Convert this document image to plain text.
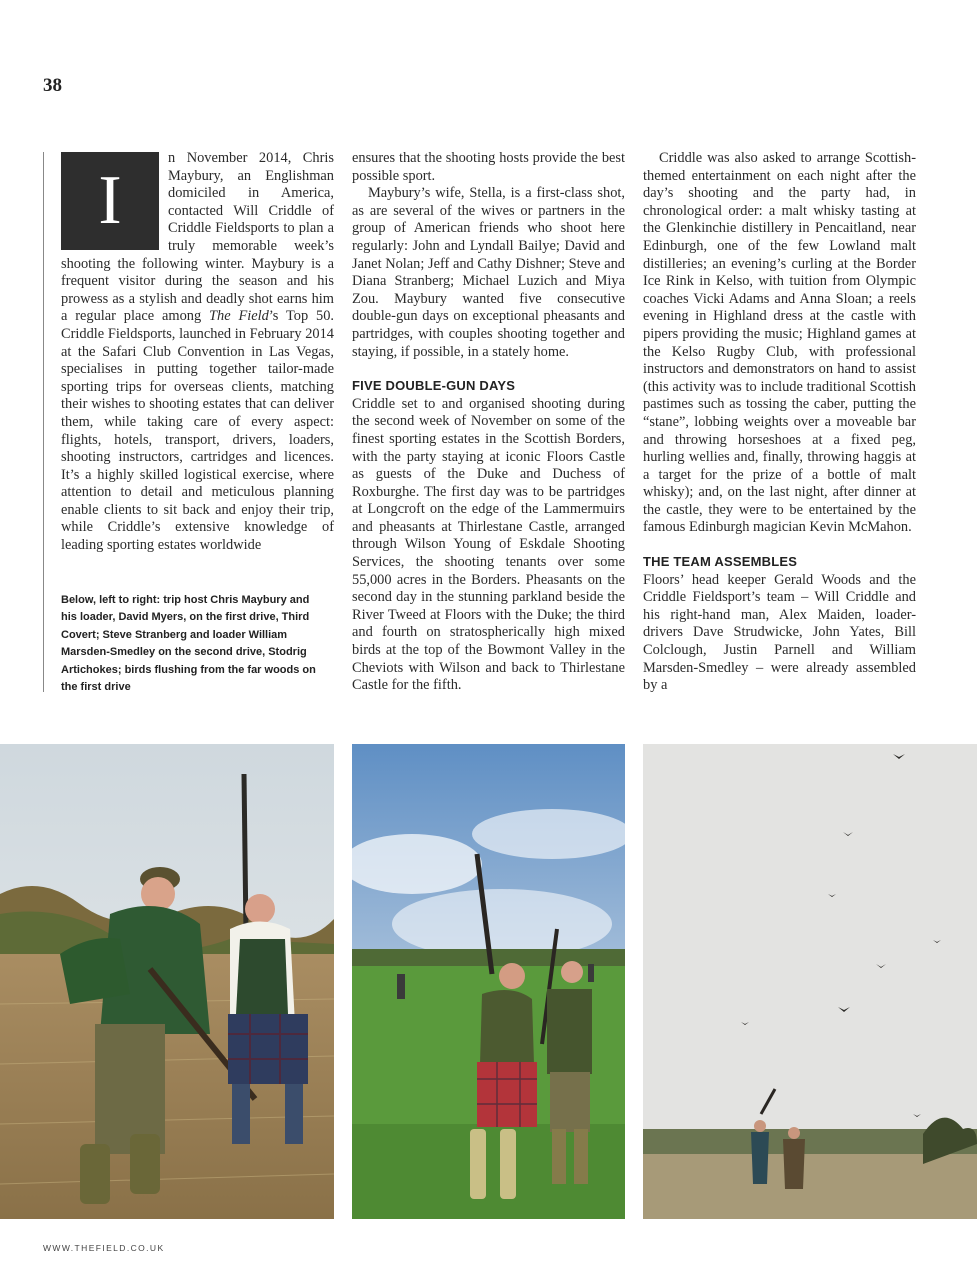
38

I
n November 2014, Chris Maybury, an Englishman domiciled in America, contacted Will Criddle of Criddle Fieldsports to plan a truly memorable week’s shooting the following winter. Maybury is a frequent visitor during the season and his prowess as a stylish and deadly shot earns him a regular place among The Field’s Top 50. Criddle Fieldsports, launched in February 2014 at the Safari Club Convention in Las Vegas, specialises in putting together tailor-made sporting trips for overseas clients, matching their wishes to shooting estates that can deliver them, while taking care of every aspect: flights, hotels, transport, drivers, loaders, shooting instructors, cartridges and licences. It’s a highly skilled logistical exercise, where attention to detail and meticulous planning enable clients to sit back and enjoy their trip, while Criddle’s extensive knowledge of leading sporting estates worldwide

Below, left to right: trip host Chris Maybury and his loader, David Myers, on the first drive, Third Covert; Steve Stranberg and loader William Marsden-Smedley on the second drive, Stodrig Artichokes; birds flushing from the far woods on the first drive

ensures that the shooting hosts provide the best possible sport.

Maybury’s wife, Stella, is a first-class shot, as are several of the wives or partners in the group of American friends who shoot here regularly: John and Lyndall Bailye; David and Janet Nolan; Jeff and Cathy Dishner; Steve and Diana Stranberg; Michael Luzich and Miya Zou. Maybury wanted five consecutive double-gun days on exceptional pheasants and partridges, with couples shooting together and staying, if possible, in a stately home.

FIVE DOUBLE-GUN DAYS

Criddle set to and organised shooting during the second week of November on some of the finest sporting estates in the Scottish Borders, with the party staying at iconic Floors Castle as guests of the Duke and Duchess of Roxburghe. The first day was to be partridges at Longcroft on the edge of the Lammermuirs and pheasants at Thirlestane Castle, arranged through Wilson Young of Eskdale Shooting Services, the shooting tenants over some 55,000 acres in the Borders. Pheasants on the second day in the stunning parkland beside the River Tweed at Floors with the Duke; the third and fourth on stratospherically high mixed birds at the top of the Bowmont Valley in the Cheviots with Wilson and back to Thirlestane Castle for the fifth.

Criddle was also asked to arrange Scottish-themed entertainment on each night after the day’s shooting and the party had, in chronological order: a malt whisky tasting at the Glenkinchie distillery in Pencaitland, near Edinburgh, one of the few Lowland malt distilleries; an evening’s curling at the Border Ice Rink in Kelso, with tuition from Olympic coaches Vicki Adams and Anna Sloan; a reels evening in Highland dress at the castle with pipers providing the music; Highland games at the Kelso Rugby Club, with professional instructors and demonstrators on hand to assist (this activity was to include traditional Scottish pastimes such as tossing the caber, putting the “stane”, lobbing weights over a moveable bar and throwing horseshoes at a fixed peg, hurling wellies and, finally, throwing haggis at a target for the prize of a bottle of malt whisky); and, on the last night, after dinner at the castle, they were to be entertained by the famous Edinburgh magician Kevin McMahon.

THE TEAM ASSEMBLES

Floors’ head keeper Gerald Woods and the Criddle Fieldsport’s team – Will Criddle and his right-hand man, Alex Maiden, loader-drivers Dave Strudwicke, John Yates, Bill Colclough, Justin Parnell and William Marsden-Smedley – were already assembled by a

WWW.THEFIELD.CO.UK
